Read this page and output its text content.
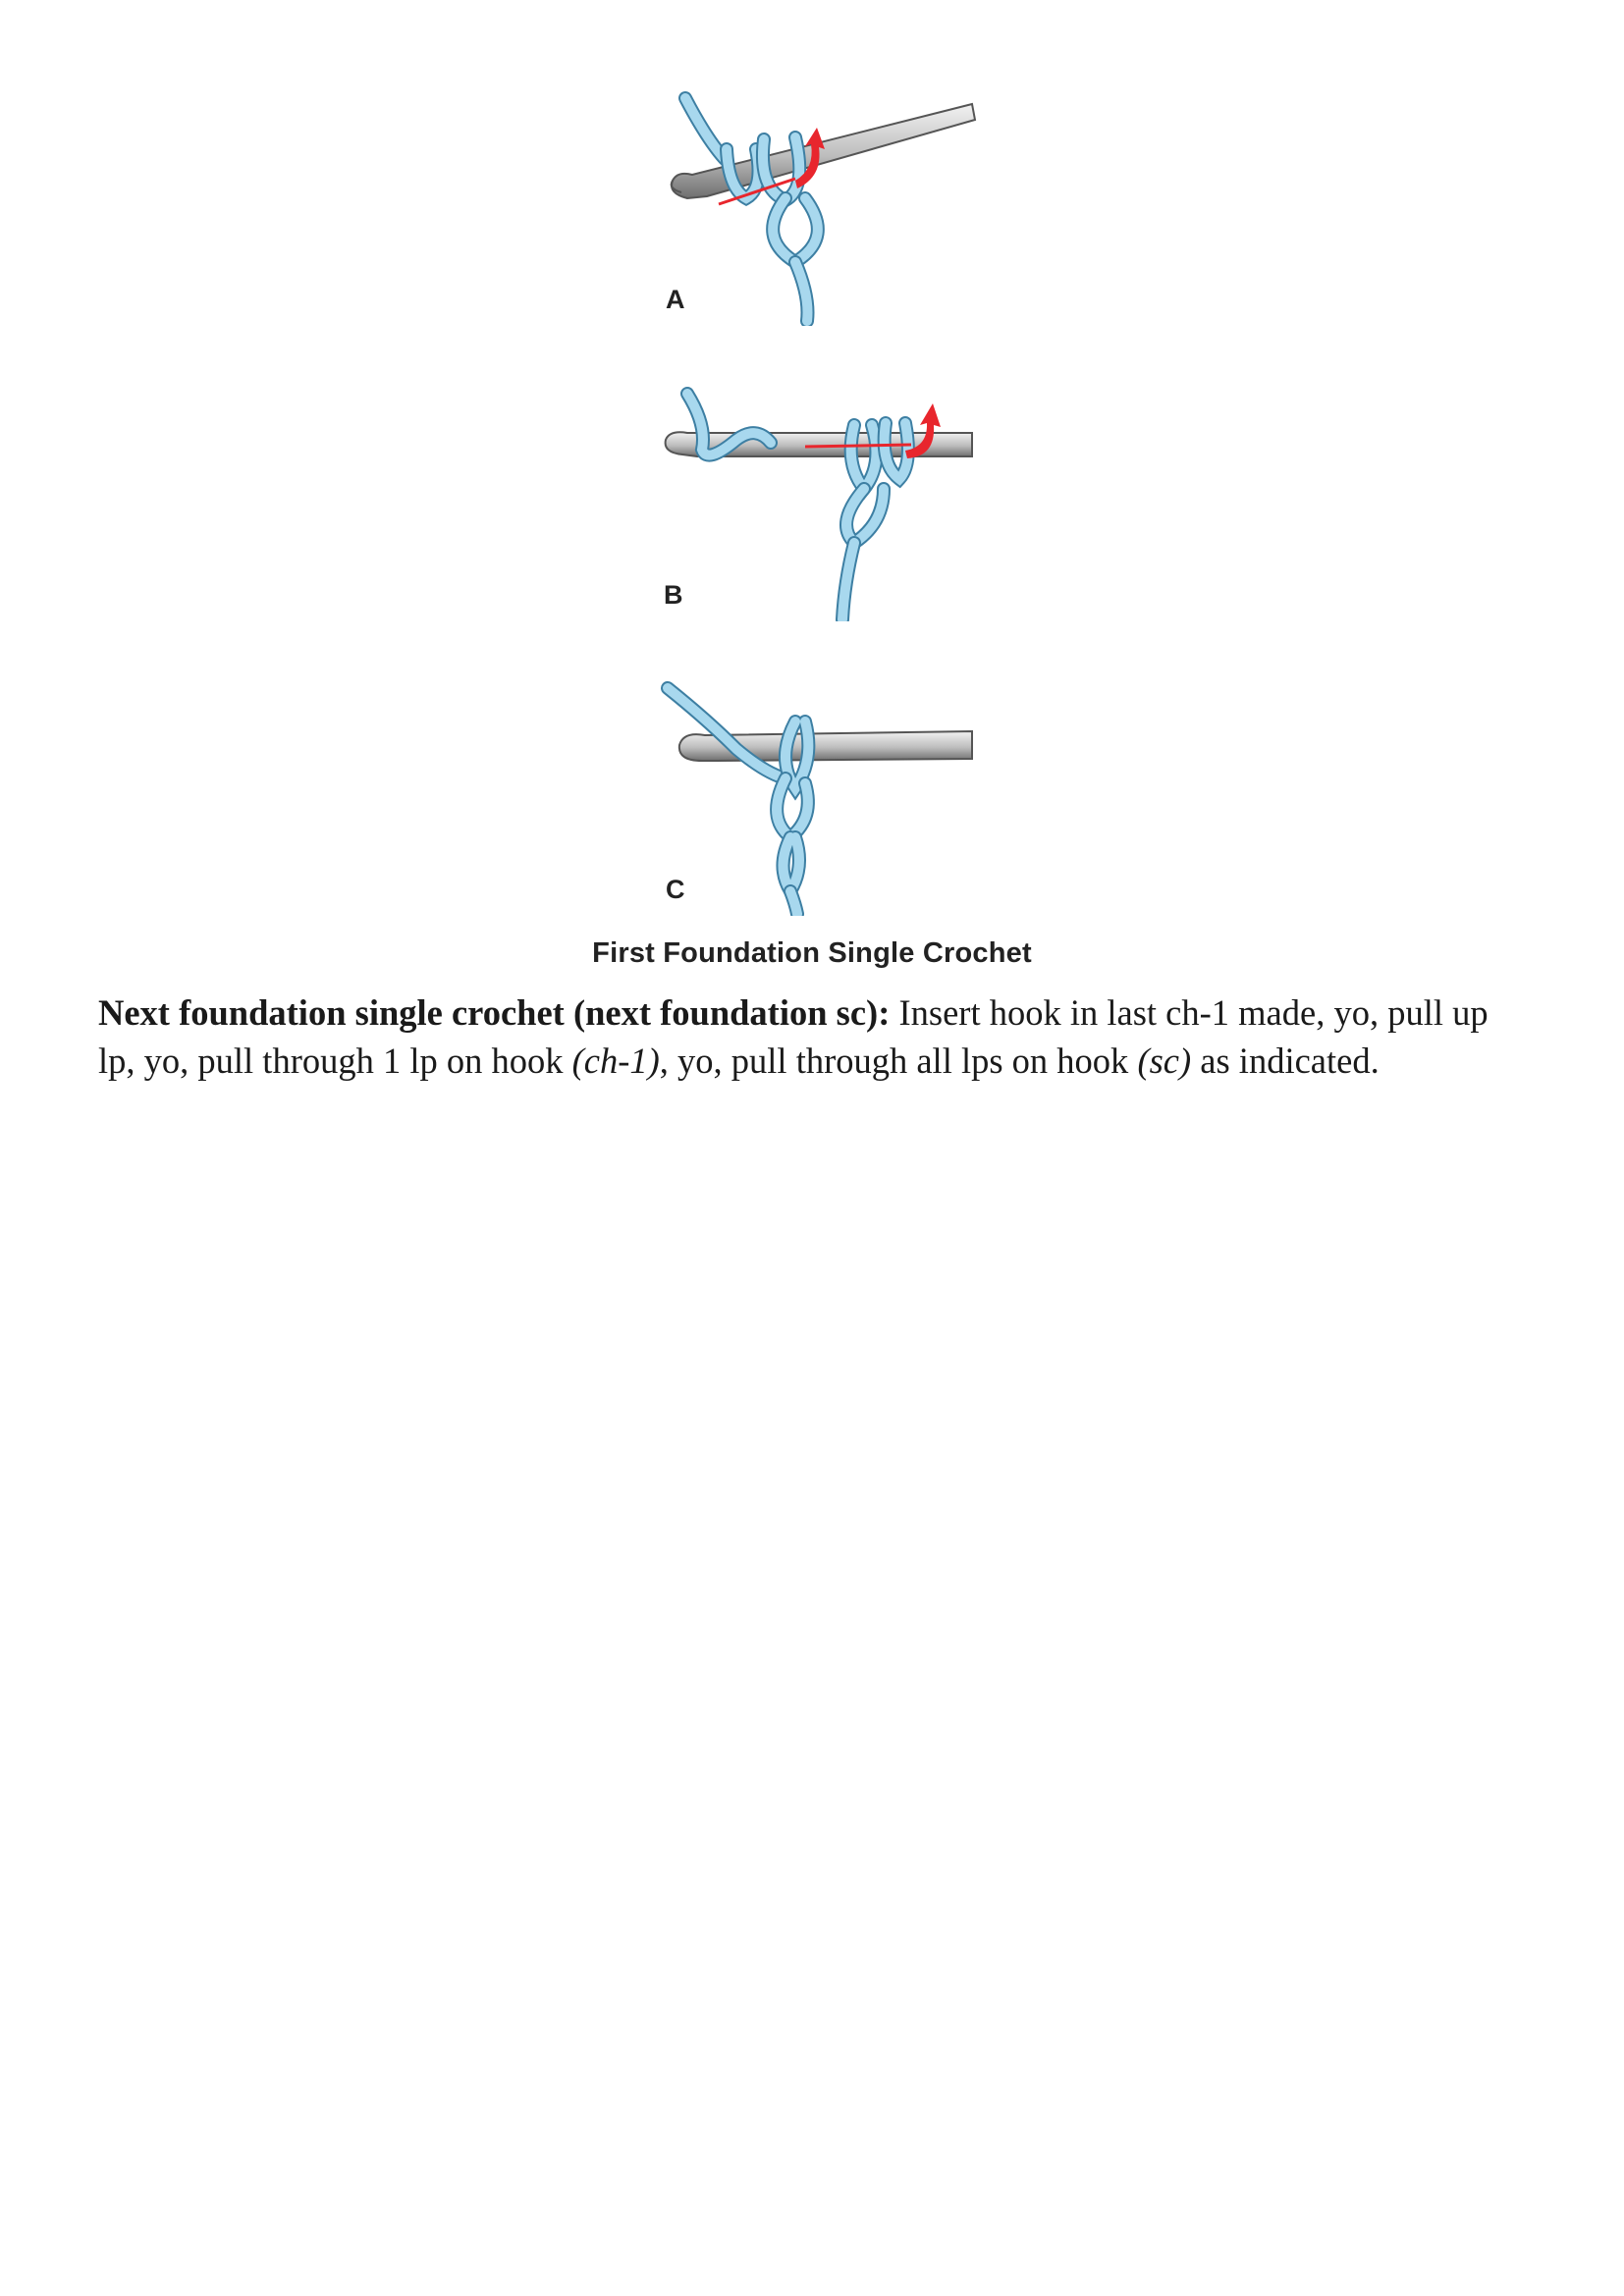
A
B
C
First Foundation Single Crochet
Next foundation single crochet (next foundation sc): Insert hook in last ch-1 made, yo, pull up lp, yo, pull through 1 lp on hook (ch-1), yo, pull through all lps on hook (sc) as indicated.
